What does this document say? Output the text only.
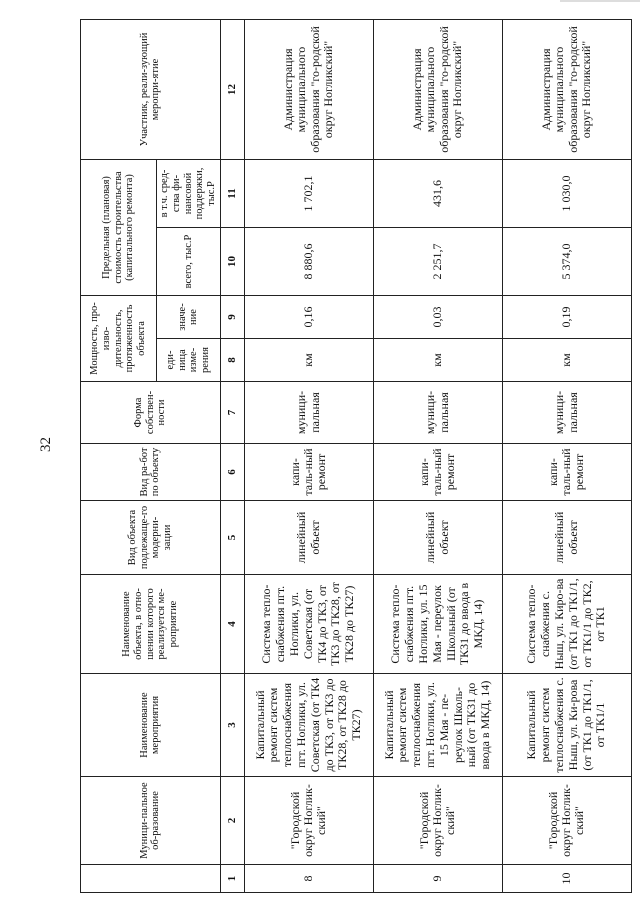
32
	Муници-пальное об-разование	Наименование мероприятия	Наименование объекта, в отно-шении которого реализуется ме-роприятие	Вид объекта подлежаще-го модерни-зации	Вид ра-бот по объекту	Форма собствен-ности	Мощность, про-изво-дительность, протяженность объекта		Предельная (плановая) стоимость строительства (капитального ремонта)		Участник, реали-зующий меропри-ятие
							еди-ница изме-рения	значе-ние	всего, тыс.Р	в т.ч. сред-ства фи-нансовой поддержки, тыс.Р	
1	2	3	4	5	6	7	8	9	10	11	12
8	"Городской округ Ноглик-ский"	Капитальный ремонт систем теплоснабжения пгт. Ноглики, ул. Советская (от ТК4 до ТК3, от ТК3 до ТК28, от ТК28 до ТК27)	Система тепло-снабжения пгт. Ноглики, ул. Советская (от ТК4 до ТК3, от ТК3 до ТК28, от ТК28 до ТК27)	линейный объект	капи-таль-ный ремонт	муници-пальная	км	0,16	8 880,6	1 702,1	Администрация муниципального образования "го-родской округ Ногликский"
9	"Городской округ Ноглик-ский"	Капитальный ремонт систем теплоснабжения пгт. Ноглики, ул. 15 Мая - пе-реулок Школь-ный (от ТК31 до ввода в МКД, 14)	Система тепло-снабжения пгт. Ноглики, ул. 15 Мая - переулок Школьный (от ТК31 до ввода в МКД, 14)	линейный объект	капи-таль-ный ремонт	муници-пальная	км	0,03	2 251,7	431,6	Администрация муниципального образования "го-родской округ Ногликский"
10	"Городской округ Ноглик-ский"	Капитальный ремонт систем теплоснабжения с. Ныш, ул. Ки-рова (от ТК1 до ТК1/1, от ТК1/1	Система тепло-снабжения с. Ныш, ул. Киро-ва (от ТК1 до ТК1/1, от ТК1/1 до ТК2, от ТК1	линейный объект	капи-таль-ный ремонт	муници-пальная	км	0,19	5 374,0	1 030,0	Администрация муниципального образования "го-родской округ Ногликский"
